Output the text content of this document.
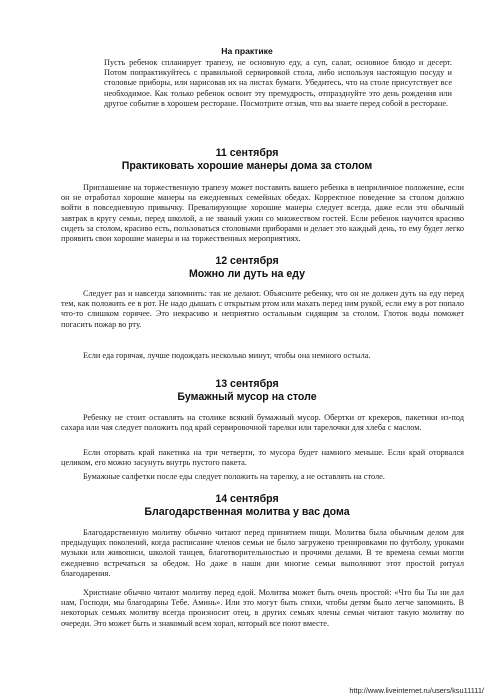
На практике

Пусть ребенок спланирует трапезу, не основную еду, а суп, салат, основное блюдо и десерт. Потом попрактикуйтесь с правильной сервировкой стола, либо используя настоящую посуду и столовые приборы, или нарисовав их на листах бумаги. Убедитесь, что на столе присутствует все необходимое. Как только ребенок освоит эту премудрость, отпразднуйте это день рождения или другое событие в хорошем ресторане. Посмотрите отзыв, что вы знаете перед собой в ресторане.

11 сентября
Практиковать хорошие манеры дома за столом

Приглашение на торжественную трапезу может поставить вашего ребенка в неприличное положение, если он не отработал хорошие манеры на ежедневных семейных обедах. Корректное поведение за столом должно войти в повседневную привычку. Превалирующие хорошие манеры следует всегда, даже если это обычный завтрак в кругу семьи, перед школой, а не званый ужин со множеством гостей. Если ребенок научится красиво сидеть за столом, красиво есть, пользоваться столовыми приборами и делает это каждый день, то ему будет легко проявить свои хорошие манеры и на торжественных мероприятиях.

12 сентября
Можно ли дуть на еду

Следует раз и навсегда запомнить: так не делают. Объясните ребенку, что он не должен дуть на еду перед тем, как положить ее в рот. Не надо дышать с открытым ртом или махать перед ним рукой, если ему в рот попало что-то слишком горячее. Это некрасиво и неприятно остальным сидящим за столом. Глоток воды поможет погасить пожар во рту.

Если еда горячая, лучше подождать несколько минут, чтобы она немного остыла.

13 сентября
Бумажный мусор на столе

Ребенку не стоит оставлять на столике всякий бумажный мусор. Обертки от крекеров, пакетики из-под сахара или чая следует положить под край сервировочной тарелки или тарелочки для хлеба с маслом.

Если оторвать край пакетика на три четверти, то мусора будет намного меньше. Если край оторвался целиком, его можно засунуть внутрь пустого пакета.

Бумажные салфетки после еды следует положить на тарелку, а не оставлять на столе.

14 сентября
Благодарственная молитва у вас дома

Благодарственную молитву обычно читают перед принятием пищи. Молитва была обычным делом для предыдущих поколений, когда расписание членов семьи не было загружено тренировками по футболу, уроками музыки или живописи, школой танцев, благотворительностью и прочими делами. В те времена семьи могли ежедневно встречаться за обедом. Но даже в наши дни многие семьи выполняют этот простой ритуал благодарения.

Христиане обычно читают молитву перед едой. Молитва может быть очень простой: «Что бы Ты ни дал нам, Господи, мы благодарны Тебе. Аминь». Или это могут быть стихи, чтобы детям было легче запомнить. В некоторых семьях молитву всегда произносит отец, в других семьях члены семьи читают такую молитву по очереди. Это может быть и знакомый всем хорал, который все поют вместе.

http://www.liveinternet.ru/users/ksu11111/
